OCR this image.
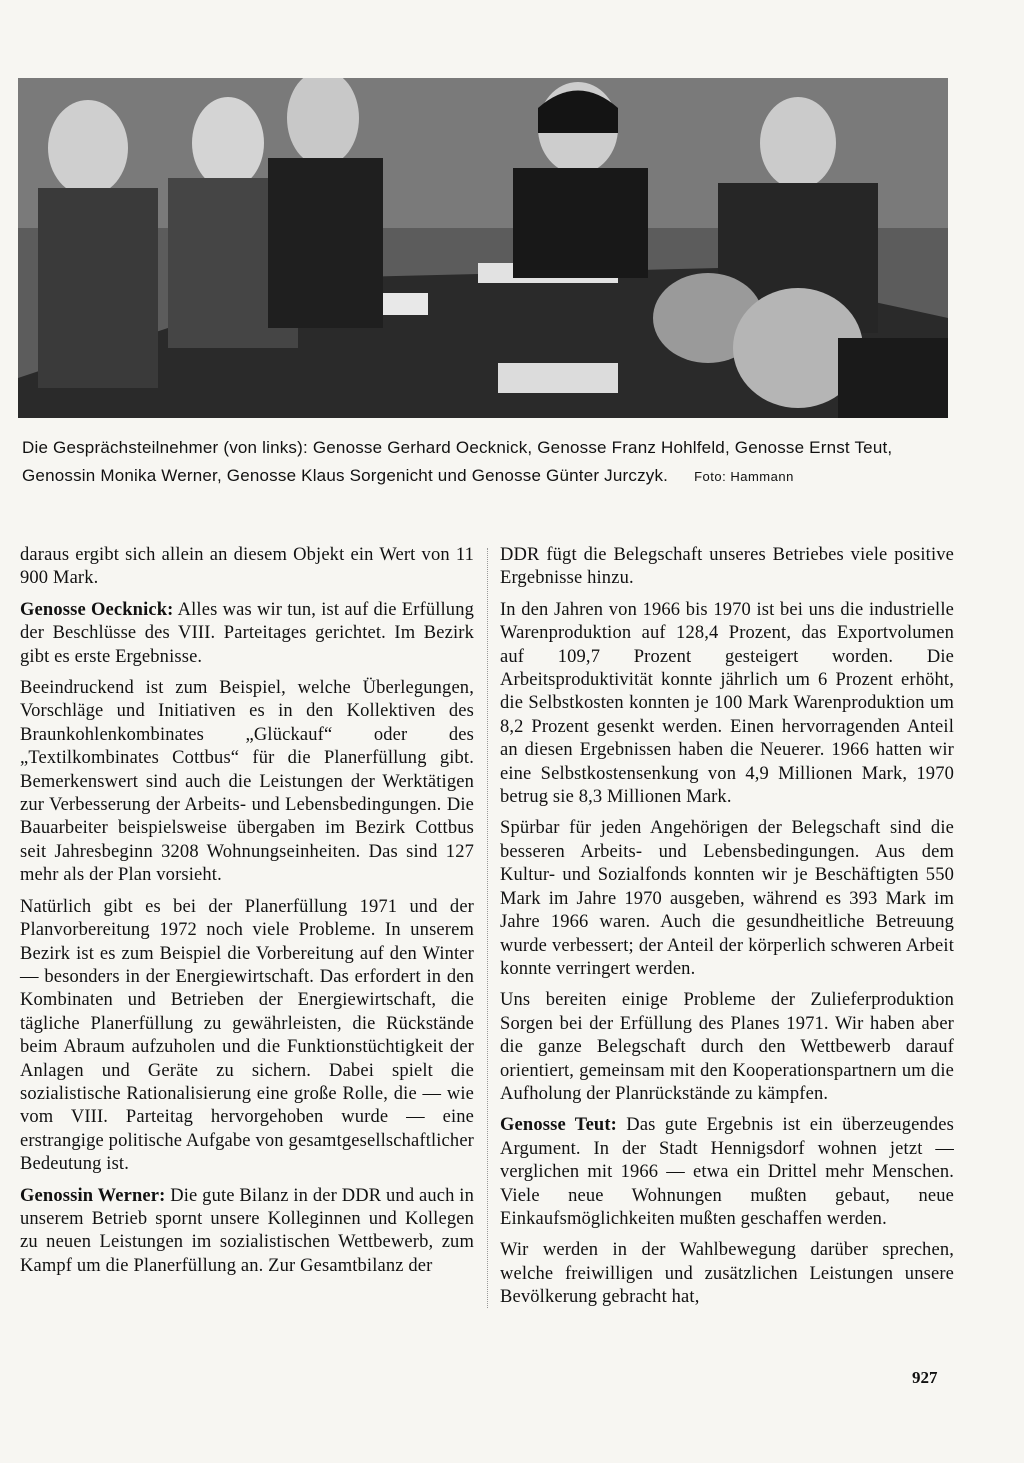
Die Gesprächsteilnehmer (von links): Genosse Gerhard Oecknick, Genosse Franz Hohlfeld, Genosse Ernst Teut, Genossin Monika Werner, Genosse Klaus Sorgenicht und Genosse Günter Jurczyk. Foto: Hammann

daraus ergibt sich allein an diesem Objekt ein Wert von 11 900 Mark.

Genosse Oecknick: Alles was wir tun, ist auf die Erfüllung der Beschlüsse des VIII. Parteitages gerichtet. Im Bezirk gibt es erste Ergebnisse.

Beeindruckend ist zum Beispiel, welche Überlegungen, Vorschläge und Initiativen es in den Kollektiven des Braunkohlenkombinates „Glückauf“ oder des „Textilkombinates Cottbus“ für die Planerfüllung gibt. Bemerkenswert sind auch die Leistungen der Werktätigen zur Verbesserung der Arbeits- und Lebensbedingungen. Die Bauarbeiter beispielsweise übergaben im Bezirk Cottbus seit Jahresbeginn 3208 Wohnungseinheiten. Das sind 127 mehr als der Plan vorsieht.

Natürlich gibt es bei der Planerfüllung 1971 und der Planvorbereitung 1972 noch viele Probleme. In unserem Bezirk ist es zum Beispiel die Vorbereitung auf den Winter — besonders in der Energiewirtschaft. Das erfordert in den Kombinaten und Betrieben der Energiewirtschaft, die tägliche Planerfüllung zu gewährleisten, die Rückstände beim Abraum aufzuholen und die Funktionstüchtigkeit der Anlagen und Geräte zu sichern. Dabei spielt die sozialistische Rationalisierung eine große Rolle, die — wie vom VIII. Parteitag hervorgehoben wurde — eine erstrangige politische Aufgabe von gesamtgesellschaftlicher Bedeutung ist.

Genossin Werner: Die gute Bilanz in der DDR und auch in unserem Betrieb spornt unsere Kolleginnen und Kollegen zu neuen Leistungen im sozialistischen Wettbewerb, zum Kampf um die Planerfüllung an. Zur Gesamtbilanz der

DDR fügt die Belegschaft unseres Betriebes viele positive Ergebnisse hinzu.

In den Jahren von 1966 bis 1970 ist bei uns die industrielle Warenproduktion auf 128,4 Prozent, das Exportvolumen auf 109,7 Prozent gesteigert worden. Die Arbeitsproduktivität konnte jährlich um 6 Prozent erhöht, die Selbstkosten konnten je 100 Mark Warenproduktion um 8,2 Prozent gesenkt werden. Einen hervorragenden Anteil an diesen Ergebnissen haben die Neuerer. 1966 hatten wir eine Selbstkostensenkung von 4,9 Millionen Mark, 1970 betrug sie 8,3 Millionen Mark.

Spürbar für jeden Angehörigen der Belegschaft sind die besseren Arbeits- und Lebensbedingungen. Aus dem Kultur- und Sozialfonds konnten wir je Beschäftigten 550 Mark im Jahre 1970 ausgeben, während es 393 Mark im Jahre 1966 waren. Auch die gesundheitliche Betreuung wurde verbessert; der Anteil der körperlich schweren Arbeit konnte verringert werden.

Uns bereiten einige Probleme der Zulieferproduktion Sorgen bei der Erfüllung des Planes 1971. Wir haben aber die ganze Belegschaft durch den Wettbewerb darauf orientiert, gemeinsam mit den Kooperationspartnern um die Aufholung der Planrückstände zu kämpfen.

Genosse Teut: Das gute Ergebnis ist ein überzeugendes Argument. In der Stadt Hennigsdorf wohnen jetzt — verglichen mit 1966 — etwa ein Drittel mehr Menschen. Viele neue Wohnungen mußten gebaut, neue Einkaufsmöglichkeiten mußten geschaffen werden.

Wir werden in der Wahlbewegung darüber sprechen, welche freiwilligen und zusätzlichen Leistungen unsere Bevölkerung gebracht hat,

927
